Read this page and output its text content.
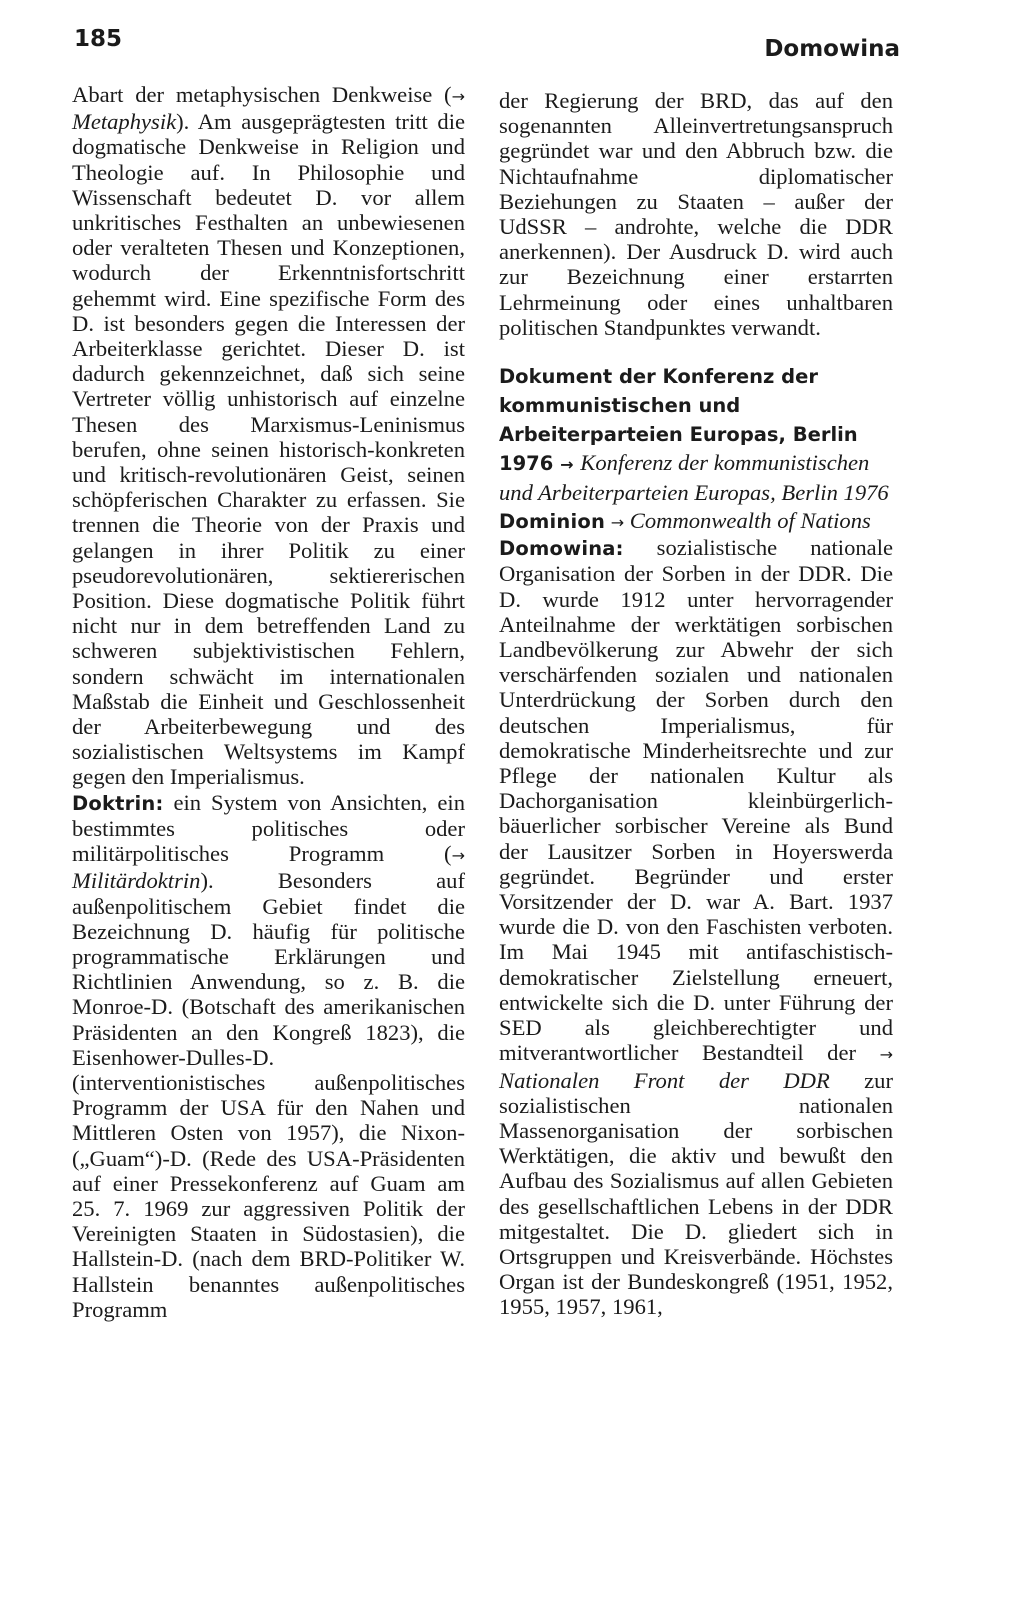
185	Domowina

Abart der metaphysischen Denkweise (→ Metaphysik). Am ausgeprägtesten tritt die dogmatische Denkweise in Religion und Theologie auf. In Philosophie und Wissenschaft bedeutet D. vor allem unkritisches Festhalten an unbewiesenen oder veralteten Thesen und Konzeptionen, wodurch der Erkenntnisfortschritt gehemmt wird. Eine spezifische Form des D. ist besonders gegen die Interessen der Arbeiterklasse gerichtet. Dieser D. ist dadurch gekennzeichnet, daß sich seine Vertreter völlig unhistorisch auf einzelne Thesen des Marxismus-Leninismus berufen, ohne seinen historisch-konkreten und kritisch-revolutionären Geist, seinen schöpferischen Charakter zu erfassen. Sie trennen die Theorie von der Praxis und gelangen in ihrer Politik zu einer pseudorevolutionären, sektiererischen Position. Diese dogmatische Politik führt nicht nur in dem betreffenden Land zu schweren subjektivistischen Fehlern, sondern schwächt im internationalen Maßstab die Einheit und Geschlossenheit der Arbeiterbewegung und des sozialistischen Weltsystems im Kampf gegen den Imperialismus.

Doktrin: ein System von Ansichten, ein bestimmtes politisches oder militärpolitisches Programm (→ Militärdoktrin). Besonders auf außenpolitischem Gebiet findet die Bezeichnung D. häufig für politische programmatische Erklärungen und Richtlinien Anwendung, so z. B. die Monroe-D. (Botschaft des amerikanischen Präsidenten an den Kongreß 1823), die Eisenhower-Dulles-D. (interventionistisches außenpolitisches Programm der USA für den Nahen und Mittleren Osten von 1957), die Nixon-(„Guam“)-D. (Rede des USA-Präsidenten auf einer Pressekonferenz auf Guam am 25. 7. 1969 zur aggressiven Politik der Vereinigten Staaten in Südostasien), die Hallstein-D. (nach dem BRD-Politiker W. Hallstein benanntes außenpolitisches Programm

der Regierung der BRD, das auf den sogenannten Alleinvertretungsanspruch gegründet war und den Abbruch bzw. die Nichtaufnahme diplomatischer Beziehungen zu Staaten – außer der UdSSR – androhte, welche die DDR anerkennen). Der Ausdruck D. wird auch zur Bezeichnung einer erstarrten Lehrmeinung oder eines unhaltbaren politischen Standpunktes verwandt.

Dokument der Konferenz der kommunistischen und Arbeiterparteien Europas, Berlin 1976 → Konferenz der kommunistischen und Arbeiterparteien Europas, Berlin 1976

Dominion → Commonwealth of Nations

Domowina: sozialistische nationale Organisation der Sorben in der DDR. Die D. wurde 1912 unter hervorragender Anteilnahme der werktätigen sorbischen Landbevölkerung zur Abwehr der sich verschärfenden sozialen und nationalen Unterdrückung der Sorben durch den deutschen Imperialismus, für demokratische Minderheitsrechte und zur Pflege der nationalen Kultur als Dachorganisation kleinbürgerlich-bäuerlicher sorbischer Vereine als Bund der Lausitzer Sorben in Hoyerswerda gegründet. Begründer und erster Vorsitzender der D. war A. Bart. 1937 wurde die D. von den Faschisten verboten. Im Mai 1945 mit antifaschistisch-demokratischer Zielstellung erneuert, entwickelte sich die D. unter Führung der SED als gleichberechtigter und mitverantwortlicher Bestandteil der → Nationalen Front der DDR zur sozialistischen nationalen Massenorganisation der sorbischen Werktätigen, die aktiv und bewußt den Aufbau des Sozialismus auf allen Gebieten des gesellschaftlichen Lebens in der DDR mitgestaltet. Die D. gliedert sich in Ortsgruppen und Kreisverbände. Höchstes Organ ist der Bundeskongreß (1951, 1952, 1955, 1957, 1961,
